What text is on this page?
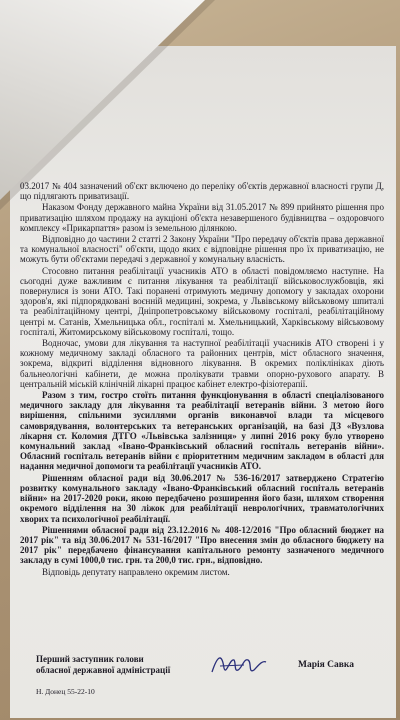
03.2017 № 404 зазначений об'єкт включено до переліку об'єктів державної власності групи Д, що підлягають приватизації.

Наказом Фонду державного майна України від 31.05.2017 № 899 прийнято рішення про приватизацію шляхом продажу на аукціоні об'єкта незавершеного будівництва – оздоровчого комплексу «Прикарпаття» разом із земельною ділянкою.

Відповідно до частини 2 статті 2 Закону України "Про передачу об'єктів права державної та комунальної власності" об'єкти, щодо яких є відповідне рішення про їх приватизацію, не можуть бути об'єктами передачі з державної у комунальну власність.

Стосовно питання реабілітації учасників АТО в області повідомляємо наступне. На сьогодні дуже важливим є питання лікування та реабілітації військовослужбовців, які повернулися із зони АТО. Такі поранені отримують медичну допомогу у закладах охорони здоров'я, які підпорядковані воєнній медицині, зокрема, у Львівському військовому шпиталі та реабілітаційному центрі, Дніпропетровському військовому госпіталі, реабілітаційному центрі м. Сатанів, Хмельницька обл., госпіталі м. Хмельницький, Харківському військовому госпіталі, Житомирському військовому госпіталі, тощо.

Водночас, умови для лікування та наступної реабілітації учасників АТО створені і у кожному медичному закладі обласного та районних центрів, міст обласного значення, зокрема, відкриті відділення відновного лікування. В окремих поліклініках діють бальнеологічні кабінети, де можна пролікувати травми опорно-рухового апарату. В центральній міській клінічній лікарні працює кабінет електро-фізіотерапії.

Разом з тим, гостро стоїть питання функціонування в області спеціалізованого медичного закладу для лікування та реабілітації ветеранів війни. З метою його вирішення, спільними зусиллями органів виконавчої влади та місцевого самоврядування, волонтерських та ветеранських організацій, на базі ДЗ «Вузлова лікарня ст. Коломия ДТГО «Львівська залізниця» у липні 2016 року було утворено комунальний заклад «Івано-Франківський обласний госпіталь ветеранів війни». Обласний госпіталь ветеранів війни є пріоритетним медичним закладом в області для надання медичної допомоги та реабілітації учасників АТО.

Рішенням обласної ради від 30.06.2017 № 536-16/2017 затверджено Стратегію розвитку комунального закладу «Івано-Франківський обласний госпіталь ветеранів війни» на 2017-2020 роки, якою передбачено розширення його бази, шляхом створення окремого відділення на 30 ліжок для реабілітації неврологічних, травматологічних хворих та психологічної реабілітації.

Рішеннями обласної ради від 23.12.2016 № 408-12/2016 "Про обласний бюджет на 2017 рік" та від 30.06.2017 № 531-16/2017 "Про внесення змін до обласного бюджету на 2017 рік" передбачено фінансування капітального ремонту зазначеного медичного закладу в сумі 1000,0 тис. грн. та 200,0 тис. грн., відповідно.

Відповідь депутату направлено окремим листом.

Перший заступник голови
обласної державної адміністрації	Марія Савка
Н. Донец 55-22-10
